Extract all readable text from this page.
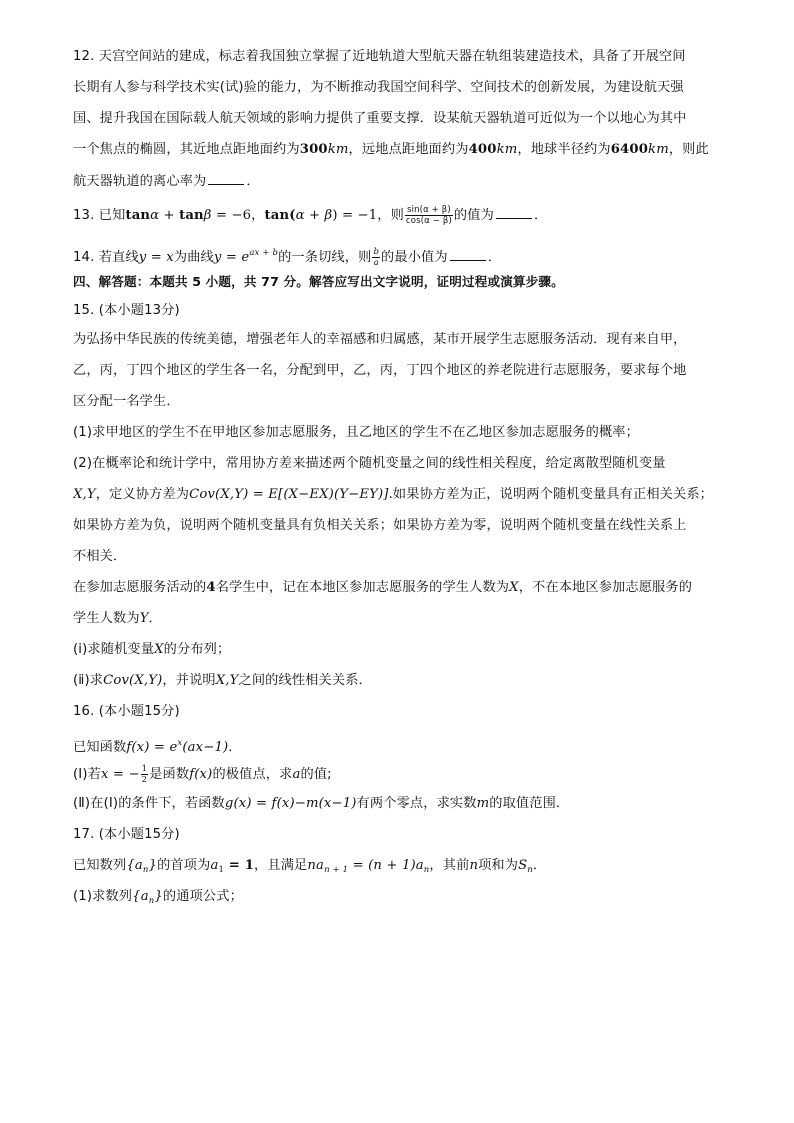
12. 天宫空间站的建成，标志着我国独立掌握了近地轨道大型航天器在轨组装建造技术，具备了开展空间
长期有人参与科学技术实(试)验的能力，为不断推动我国空间科学、空间技术的创新发展，为建设航天强
国、提升我国在国际载人航天领域的影响力提供了重要支撑．设某航天器轨道可近似为一个以地心为其中
一个焦点的椭圆，其近地点距地面约为300km，远地点距地面约为400km，地球半径约为6400km，则此
航天器轨道的离心率为	．
13. 已知tanα + tanβ = −6，tan(α + β) = −1，则 $\frac{\sin(\alpha + \beta)}{\cos(\alpha - \beta)}$ 的值为	．
14. 若直线y = x为曲线$y = e^{ax + b}$的一条切线，则 $\frac{b}{a}$ 的最小值为	．
四、解答题：本题共 5 小题，共 77 分。解答应写出文字说明，证明过程或演算步骤。
15. (本小题13分)
为弘扬中华民族的传统美德，增强老年人的幸福感和归属感，某市开展学生志愿服务活动．现有来自甲，
乙，丙，丁四个地区的学生各一名，分配到甲，乙，丙，丁四个地区的养老院进行志愿服务，要求每个地
区分配一名学生．
(1)求甲地区的学生不在甲地区参加志愿服务，且乙地区的学生不在乙地区参加志愿服务的概率；
(2)在概率论和统计学中，常用协方差来描述两个随机变量之间的线性相关程度，给定离散型随机变量
X,Y，定义协方差为Cov(X,Y) = E[(X−EX)(Y−EY)].如果协方差为正，说明两个随机变量具有正相关关系；
如果协方差为负，说明两个随机变量具有负相关关系；如果协方差为零，说明两个随机变量在线性关系上
不相关．
在参加志愿服务活动的4名学生中，记在本地区参加志愿服务的学生人数为X，不在本地区参加志愿服务的
学生人数为Y．
(ⅰ)求随机变量X的分布列；
(ⅱ)求Cov(X,Y)，并说明X,Y之间的线性相关关系．
16. (本小题15分)
已知函数$f(x) = e^x(ax-1)$．
(Ⅰ)若x = − $\frac{1}{2}$ 是函数f(x)的极值点，求a的值;
(Ⅱ)在(Ⅰ)的条件下，若函数g(x) = f(x)−m(x−1)有两个零点，求实数m的取值范围．
17. (本小题15分)
已知数列$\{a_n\}$的首项为$a_1 = 1$，且满足$na_{n + 1} = (n + 1)a_n$，其前n项和为$S_n$．
(1)求数列$\{a_n\}$的通项公式；
